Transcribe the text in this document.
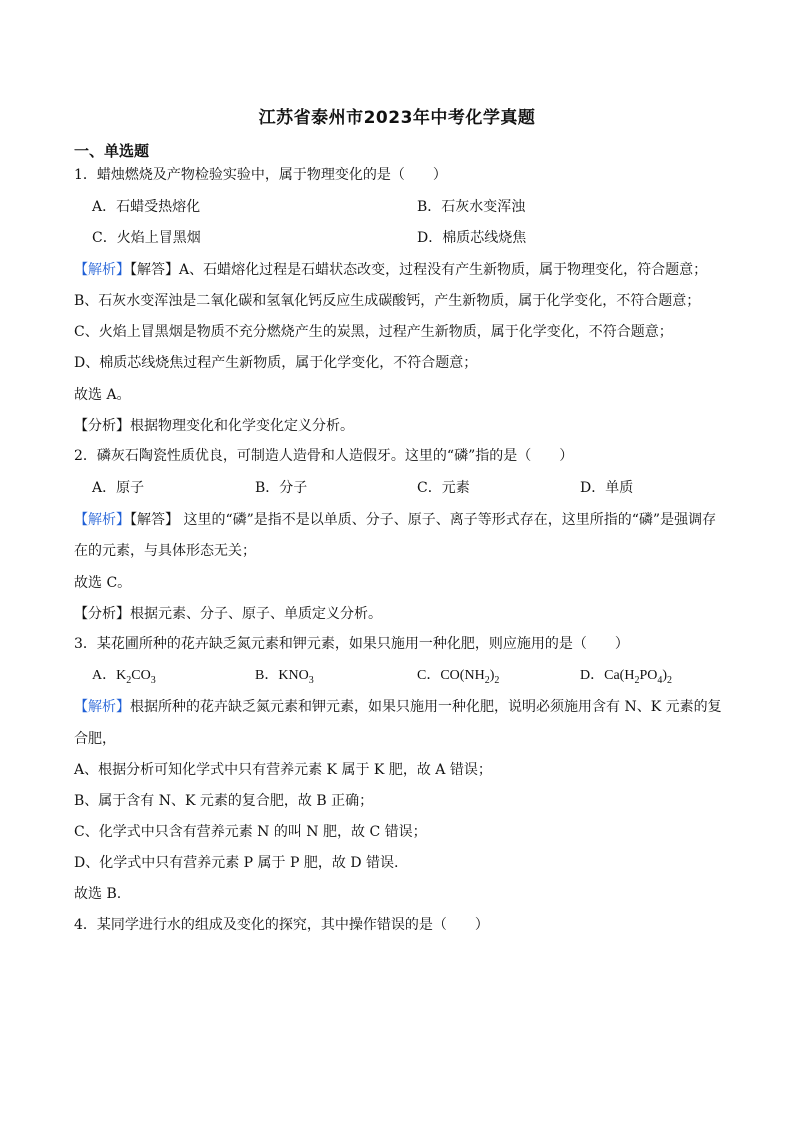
江苏省泰州市2023年中考化学真题
一、单选题
1．蜡烛燃烧及产物检验实验中，属于物理变化的是（　　）
A．石蜡受热熔化	B．石灰水变浑浊
C．火焰上冒黑烟	D．棉质芯线烧焦
【解析】【解答】A、石蜡熔化过程是石蜡状态改变，过程没有产生新物质，属于物理变化，符合题意；
B、石灰水变浑浊是二氧化碳和氢氧化钙反应生成碳酸钙，产生新物质，属于化学变化，不符合题意；
C、火焰上冒黑烟是物质不充分燃烧产生的炭黑，过程产生新物质，属于化学变化，不符合题意；
D、棉质芯线烧焦过程产生新物质，属于化学变化，不符合题意；
故选 A。
【分析】根据物理变化和化学变化定义分析。
2．磷灰石陶瓷性质优良，可制造人造骨和人造假牙。这里的“磷”指的是（　　）
A．原子	B．分子	C．元素	D．单质
【解析】【解答】 这里的“磷”是指不是以单质、分子、原子、离子等形式存在，这里所指的“磷”是强调存
在的元素，与具体形态无关；
故选 C。
【分析】根据元素、分子、原子、单质定义分析。
3．某花圃所种的花卉缺乏氮元素和钾元素，如果只施用一种化肥，则应施用的是（　　）
A．$K_2CO_3$	B．$KNO_3$	C．$CO(NH_2)_2$	D．$Ca(H_2PO_4)_2$
【解析】根据所种的花卉缺乏氮元素和钾元素，如果只施用一种化肥，说明必须施用含有 N、K 元素的复
合肥，
A、根据分析可知化学式中只有营养元素 K 属于 K 肥，故 A 错误；
B、属于含有 N、K 元素的复合肥，故 B 正确；
C、化学式中只含有营养元素 N 的叫 N 肥，故 C 错误；
D、化学式中只有营养元素 P 属于 P 肥，故 D 错误.
故选 B.
4．某同学进行水的组成及变化的探究，其中操作错误的是（　　）
